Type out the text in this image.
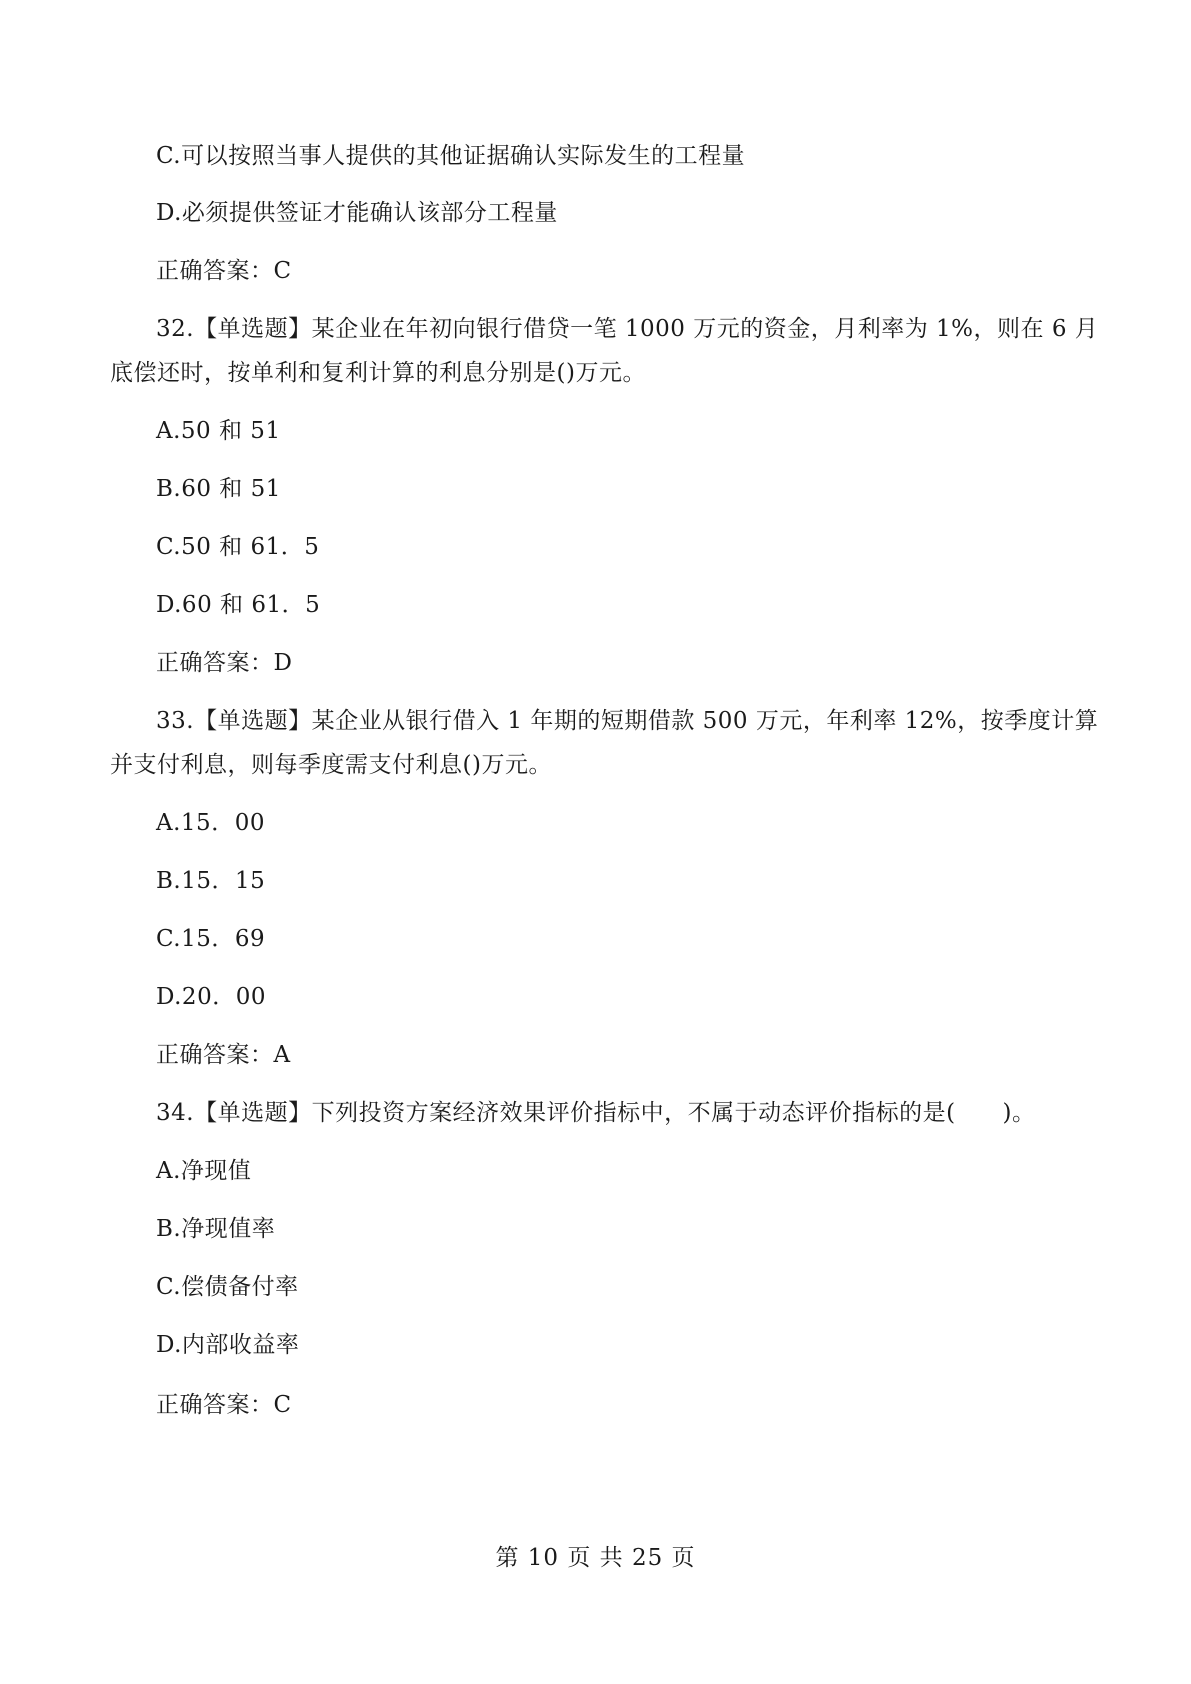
C.可以按照当事人提供的其他证据确认实际发生的工程量
D.必须提供签证才能确认该部分工程量
正确答案：C
32.【单选题】某企业在年初向银行借贷一笔 1000 万元的资金，月利率为 1%，则在 6 月
底偿还时，按单利和复利计算的利息分别是()万元。
A.50 和 51
B.60 和 51
C.50 和 61．5
D.60 和 61．5
正确答案：D
33.【单选题】某企业从银行借入 1 年期的短期借款 500 万元，年利率 12%，按季度计算
并支付利息，则每季度需支付利息()万元。
A.15．00
B.15．15
C.15．69
D.20．00
正确答案：A
34.【单选题】下列投资方案经济效果评价指标中，不属于动态评价指标的是(　　)。
A.净现值
B.净现值率
C.偿债备付率
D.内部收益率
正确答案：C
第 10 页 共 25 页
